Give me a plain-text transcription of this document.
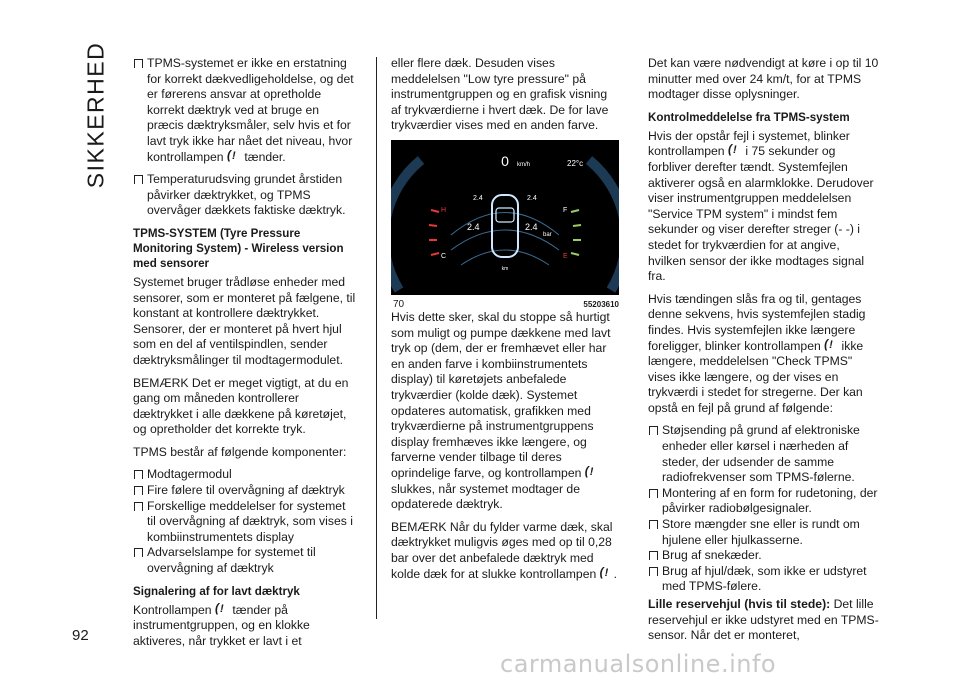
SIKKERHED
92

TPMS-systemet er ikke en erstatning for korrekt dækvedligeholdelse, og det er førerens ansvar at opretholde korrekt dæktryk ved at bruge en præcis dæktryksmåler, selv hvis et for lavt tryk ikke har nået det niveau, hvor kontrollampen ( ! tænder.

Temperaturudsving grundet årstiden påvirker dæktrykket, og TPMS overvåger dækkets faktiske dæktryk.

TPMS-SYSTEM (Tyre Pressure Monitoring System) - Wireless version med sensorer

Systemet bruger trådløse enheder med sensorer, som er monteret på fælgene, til konstant at kontrollere dæktrykket. Sensorer, der er monteret på hvert hjul som en del af ventilspindlen, sender dæktryksmålinger til modtagermodulet.

BEMÆRK Det er meget vigtigt, at du en gang om måneden kontrollerer dæktrykket i alle dækkene på køretøjet, og opretholder det korrekte tryk.

TPMS består af følgende komponenter:

Modtagermodul
Fire følere til overvågning af dæktryk
Forskellige meddelelser for systemet til overvågning af dæktryk, som vises i kombiinstrumentets display
Advarselslampe for systemet til overvågning af dæktryk
Signalering af for lavt dæktryk

Kontrollampen ( ! tænder på instrumentgruppen, og en klokke aktiveres, når trykket er lavt i et

eller flere dæk. Desuden vises meddelelsen "Low tyre pressure" på instrumentgruppen og en grafisk visning af trykværdierne i hvert dæk. De for lave trykværdier vises med en anden farve.

0 km/h	22°c
2.4	2.4
2.4	2.4
bar
H
C
F
E
km
70	55203610

Hvis dette sker, skal du stoppe så hurtigt som muligt og pumpe dækkene med lavt tryk op (dem, der er fremhævet eller har en anden farve i kombiinstrumentets display) til køretøjets anbefalede trykværdier (kolde dæk). Systemet opdateres automatisk, grafikken med trykværdierne på instrumentgruppens display fremhæves ikke længere, og farverne vender tilbage til deres oprindelige farve, og kontrollampen ( ! slukkes, når systemet modtager de opdaterede dæktryk.

BEMÆRK Når du fylder varme dæk, skal dæktrykket muligvis øges med op til 0,28 bar over det anbefalede dæktryk med kolde dæk for at slukke kontrollampen ( ! .

Det kan være nødvendigt at køre i op til 10 minutter med over 24 km/t, for at TPMS modtager disse oplysninger.

Kontrolmeddelelse fra TPMS-system

Hvis der opstår fejl i systemet, blinker kontrollampen ( ! i 75 sekunder og forbliver derefter tændt. Systemfejlen aktiverer også en alarmklokke. Derudover viser instrumentgruppen meddelelsen "Service TPM system" i mindst fem sekunder og viser derefter streger (- -) i stedet for trykværdien for at angive, hvilken sensor der ikke modtages signal fra.

Hvis tændingen slås fra og til, gentages denne sekvens, hvis systemfejlen stadig findes. Hvis systemfejlen ikke længere foreligger, blinker kontrollampen ( ! ikke længere, meddelelsen "Check TPMS" vises ikke længere, og der vises en trykværdi i stedet for stregerne. Der kan opstå en fejl på grund af følgende:

Støjsending på grund af elektroniske enheder eller kørsel i nærheden af steder, der udsender de samme radiofrekvenser som TPMS-følerne.
Montering af en form for rudetoning, der påvirker radiobølgesignaler.
Store mængder sne eller is rundt om hjulene eller hjulkasserne.
Brug af snekæder.
Brug af hjul/dæk, som ikke er udstyret med TPMS-følere.

Lille reservehjul (hvis til stede): Det lille reservehjul er ikke udstyret med en TPMS-sensor. Når det er monteret,

carmanualsonline.info
